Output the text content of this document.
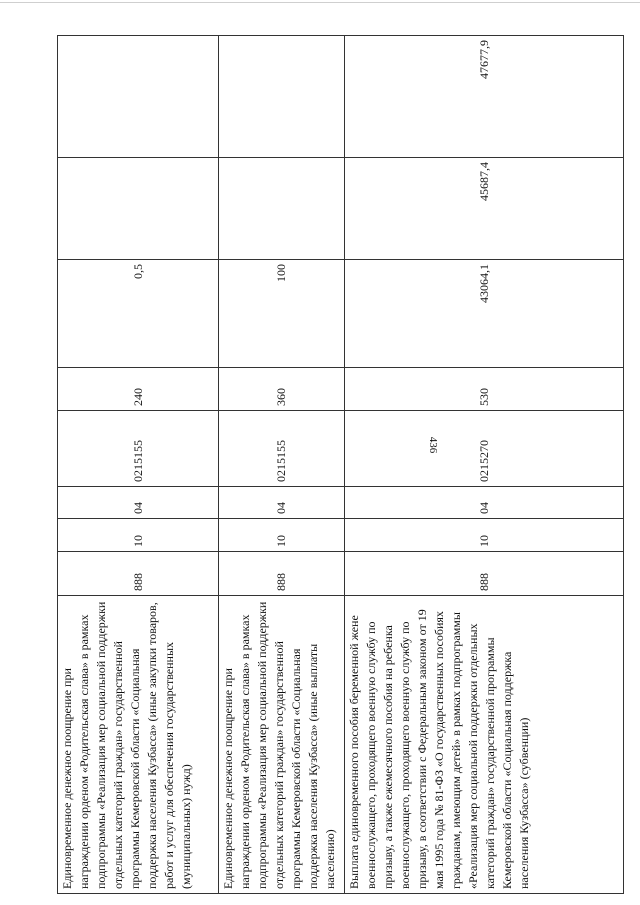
436
Единовременное денежное поощрение при награждении орденом «Родительская слава» в рамках подпрограммы «Реализация мер социальной поддержки отдельных категорий граждан» государственной программы Кемеровской области «Социальная поддержка населения Кузбасса» (иные закупки товаров, работ и услуг для обеспечения государственных (муниципальных) нужд)	888	10	04	0215155	240	0,5		
Единовременное денежное поощрение при награждении орденом «Родительская слава» в рамках подпрограммы «Реализация мер социальной поддержки отдельных категорий граждан» государственной программы Кемеровской области «Социальная поддержка населения Кузбасса» (иные выплаты населению)	888	10	04	0215155	360	100		
Выплата единовременного пособия беременной жене военнослужащего, проходящего военную службу по призыву, а также ежемесячного пособия на ребенка военнослужащего, проходящего военную службу по призыву, в соответствии с Федеральным законом от 19 мая 1995 года № 81-ФЗ «О государственных пособиях гражданам, имеющим детей» в рамках подпрограммы «Реализация мер социальной поддержки отдельных категорий граждан» государственной программы Кемеровской области «Социальная поддержка населения Кузбасса» (субвенции)	888	10	04	0215270	530	43064,1	45687,4	47677,9
